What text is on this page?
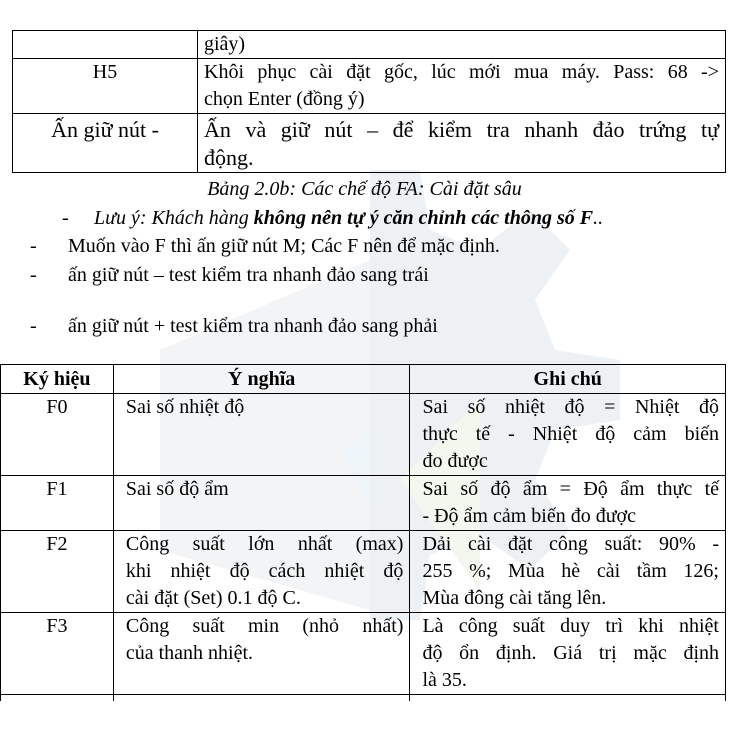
	giây)
H5	Khôi phục cài đặt gốc, lúc mới mua máy. Pass: 68 ->
chọn Enter (đồng ý)

Ấn giữ nút -	Ấn và giữ nút – để kiểm tra nhanh đảo trứng tự
động.
Bảng 2.0b: Các chế độ FA: Cài đặt sâu
- Lưu ý: Khách hàng không nên tự ý căn chỉnh các thông số F..
- Muốn vào F thì ấn giữ nút M; Các F nên để mặc định.
- ấn giữ nút – test kiểm tra nhanh đảo sang trái
- ấn giữ nút + test kiểm tra nhanh đảo sang phải
Ký hiệu	Ý nghĩa	Ghi chú
F0	Sai số nhiệt độ	Sai số nhiệt độ = Nhiệt độ
thực tế - Nhiệt độ cảm biến
đo được

F1	Sai số độ ẩm	Sai số độ ẩm = Độ ẩm thực tế
- Độ ẩm cảm biến đo được

F2	Công suất lớn nhất (max)
khi nhiệt độ cách nhiệt độ
cài đặt (Set) 0.1 độ C.	Dải cài đặt công suất: 90% -
255 %; Mùa hè cài tầm 126;
Mùa đông cài tăng lên.

F3	Công suất min (nhỏ nhất)
của thanh nhiệt.	Là công suất duy trì khi nhiệt
độ ổn định. Giá trị mặc định
là 35.
